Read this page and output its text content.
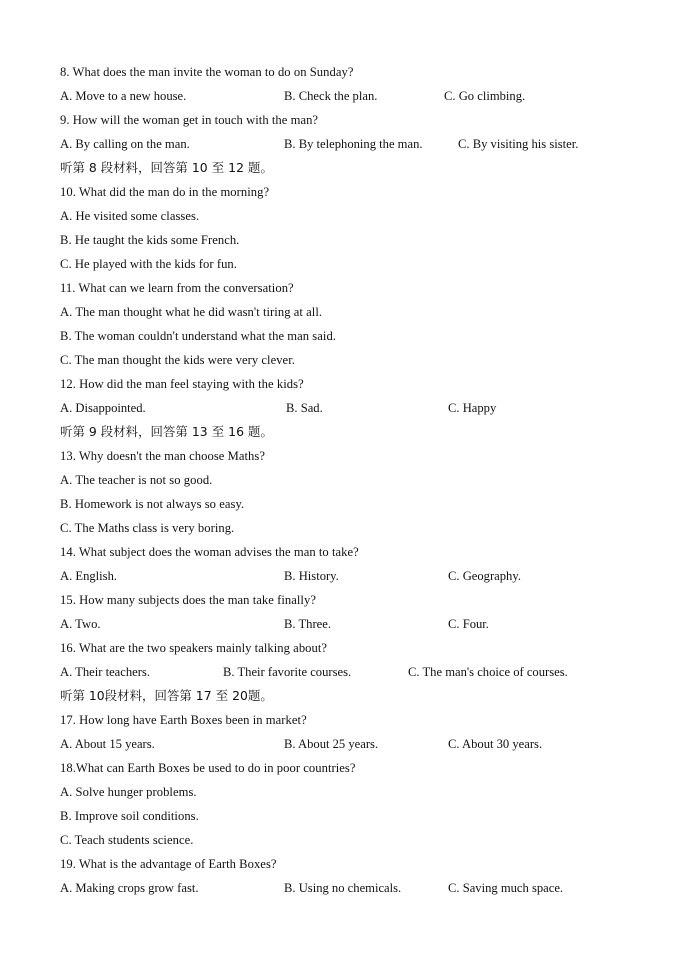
8. What does the man invite the woman to do on Sunday?
A. Move to a new house.	B. Check the plan.	C. Go climbing.
9. How will the woman get in touch with the man?
A. By calling on the man.	B. By telephoning the man.	C. By visiting his sister.
听第 8 段材料，回答第 10 至 12 题。
10. What did the man do in the morning?
A. He visited some classes.
B. He taught the kids some French.
C. He played with the kids for fun.
11. What can we learn from the conversation?
A. The man thought what he did wasn't tiring at all.
B. The woman couldn't understand what the man said.
C. The man thought the kids were very clever.
12. How did the man feel staying with the kids?
A. Disappointed.	B. Sad.	C. Happy
听第 9 段材料，回答第 13 至 16 题。
13. Why doesn't the man choose Maths?
A. The teacher is not so good.
B. Homework is not always so easy.
C. The Maths class is very boring.
14. What subject does the woman advises the man to take?
A. English.	B. History.	C. Geography.
15. How many subjects does the man take finally?
A. Two.	B. Three.	C. Four.
16. What are the two speakers mainly talking about?
A. Their teachers.	B. Their favorite courses.	C. The man's choice of courses.
听第 10段材料，回答第 17 至 20题。
17. How long have Earth Boxes been in market?
A. About 15 years.	B. About 25 years.	C. About 30 years.
18.What can Earth Boxes be used to do in poor countries?
A. Solve hunger problems.
B. Improve soil conditions.
C. Teach students science.
19. What is the advantage of Earth Boxes?
A. Making crops grow fast.	B. Using no chemicals.	C. Saving much space.
